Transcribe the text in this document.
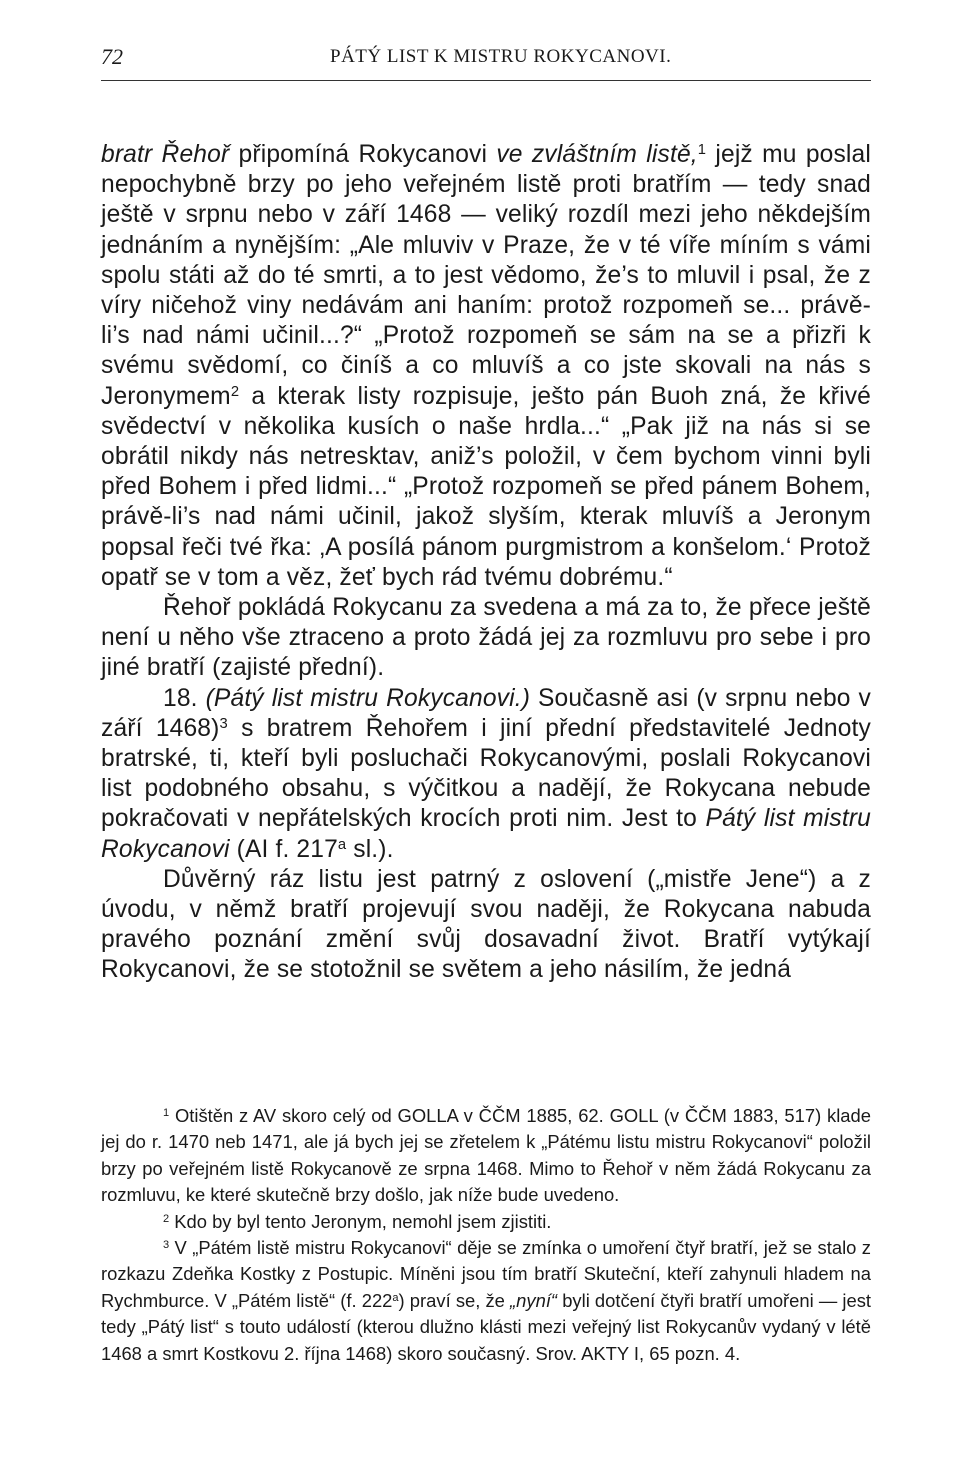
72	PÁTÝ LIST K MISTRU ROKYCANOVI.

bratr Řehoř připomíná Rokycanovi ve zvláštním listě,$^1$ jejž mu poslal nepochybně brzy po jeho veřejném listě proti bratřím — tedy snad ještě v srpnu nebo v září 1468 — veliký rozdíl mezi jeho někdejším jednáním a nynějším: „Ale mluviv v Praze, že v té víře míním s vámi spolu státi až do té smrti, a to jest vědomo, že’s to mluvil i psal, že z víry ničehož viny nedávám ani haním: protož rozpomeň se... právě-li’s nad námi učinil...?“ „Protož rozpomeň se sám na se a přizři k svému svědomí, co činíš a co mluvíš a co jste skovali na nás s Jeronymem$^2$ a kterak listy rozpisuje, ješto pán Buoh zná, že křivé svědectví v několika kusích o naše hrdla...“ „Pak již na nás si se obrátil nikdy nás netresktav, aniž’s položil, v čem bychom vinni byli před Bohem i před lidmi...“ „Protož rozpomeň se před pánem Bohem, právě-li’s nad námi učinil, jakož slyším, kterak mluvíš a Jeronym popsal řeči tvé řka: ‚A posílá pánom purgmistrom a konšelom.‘ Protož opatř se v tom a věz, žeť bych rád tvému dobrému.“

Řehoř pokládá Rokycanu za svedena a má za to, že přece ještě není u něho vše ztraceno a proto žádá jej za rozmluvu pro sebe i pro jiné bratří (zajisté přední).

18. (Pátý list mistru Rokycanovi.) Současně asi (v srpnu nebo v září 1468)$^3$ s bratrem Řehořem i jiní přední představitelé Jednoty bratrské, ti, kteří byli posluchači Rokycanovými, poslali Rokycanovi list podobného obsahu, s výčitkou a nadějí, že Rokycana nebude pokračovati v nepřátelských krocích proti nim. Jest to Pátý list mistru Rokycanovi (AI f. 217$^a$ sl.).

Důvěrný ráz listu jest patrný z oslovení („mistře Jene“) a z úvodu, v němž bratří projevují svou naději, že Rokycana nabuda pravého poznání změní svůj dosavadní život. Bratří vytýkají Rokycanovi, že se stotožnil se světem a jeho násilím, že jedná

$^1$ Otištěn z AV skoro celý od GOLLA v ČČM 1885, 62. GOLL (v ČČM 1883, 517) klade jej do r. 1470 neb 1471, ale já bych jej se zřetelem k „Pátému listu mistru Rokycanovi“ položil brzy po veřejném listě Rokycanově ze srpna 1468. Mimo to Řehoř v něm žádá Rokycanu za rozmluvu, ke které skutečně brzy došlo, jak níže bude uvedeno.

$^2$ Kdo by byl tento Jeronym, nemohl jsem zjistiti.

$^3$ V „Pátém listě mistru Rokycanovi“ děje se zmínka o umoření čtyř bratří, jež se stalo z rozkazu Zdeňka Kostky z Postupic. Míněni jsou tím bratří Skuteční, kteří zahynuli hladem na Rychmburce. V „Pátém listě“ (f. 222$^a$) praví se, že „nyní“ byli dotčení čtyři bratří umořeni — jest tedy „Pátý list“ s touto událostí (kterou dlužno klásti mezi veřejný list Rokycanův vydaný v létě 1468 a smrt Kostkovu 2. října 1468) skoro současný. Srov. AKTY I, 65 pozn. 4.
